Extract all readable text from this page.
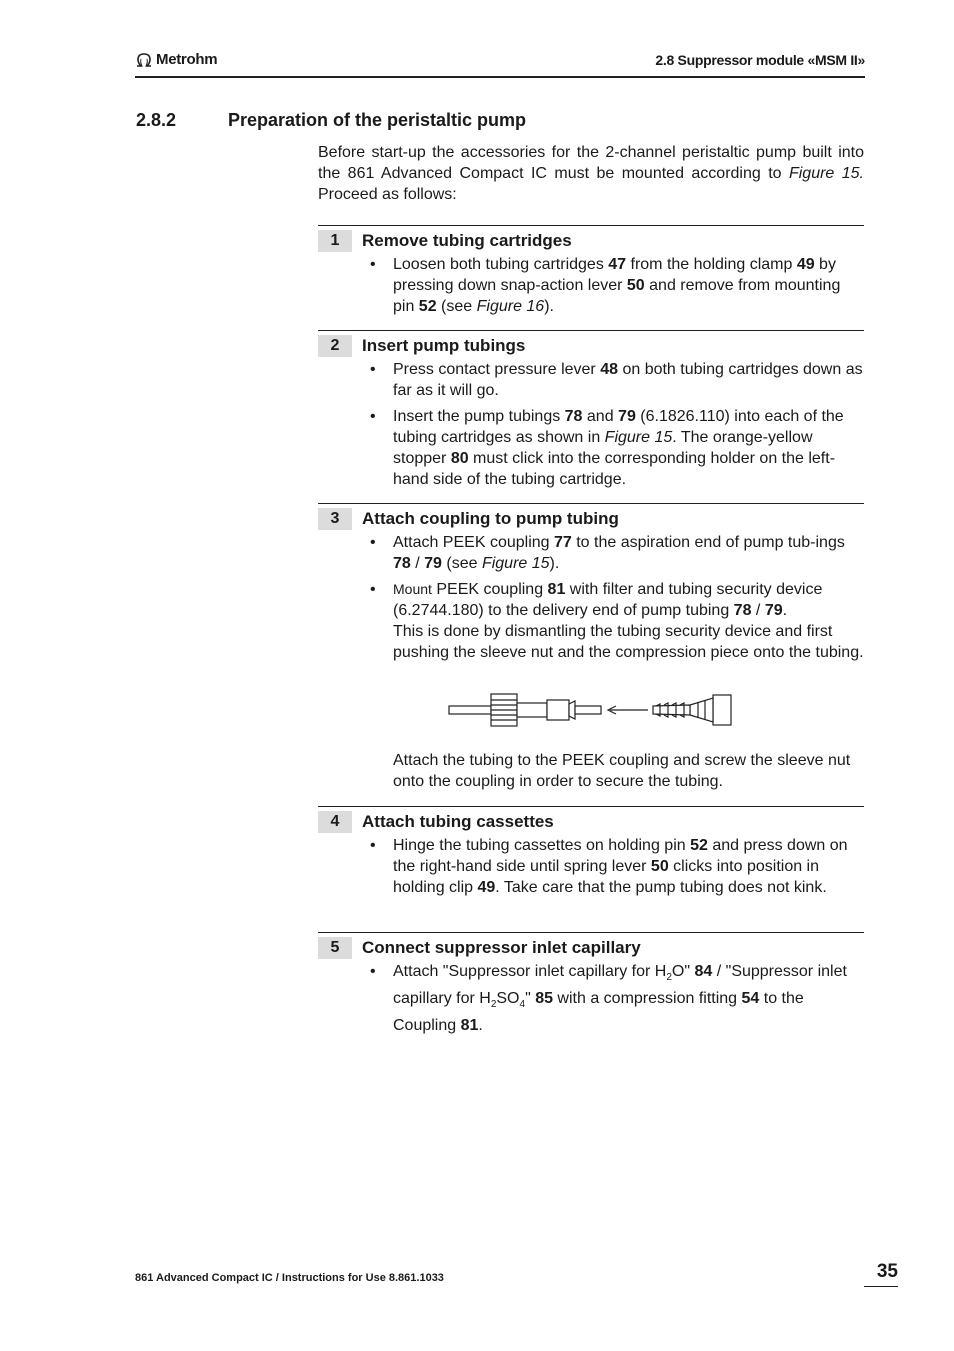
Metrohm	2.8 Suppressor module «MSM II»
2.8.2	Preparation of the peristaltic pump
Before start-up the accessories for the 2-channel peristaltic pump built into the 861 Advanced Compact IC must be mounted according to Figure 15. Proceed as follows:
1	Remove tubing cartridges
• Loosen both tubing cartridges 47 from the holding clamp 49 by pressing down snap-action lever 50 and remove from mounting pin 52 (see Figure 16).
2	Insert pump tubings
• Press contact pressure lever 48 on both tubing cartridges down as far as it will go.
• Insert the pump tubings 78 and 79 (6.1826.110) into each of the tubing cartridges as shown in Figure 15. The orange-yellow stopper 80 must click into the corresponding holder on the left-hand side of the tubing cartridge.
3	Attach coupling to pump tubing
• Attach PEEK coupling 77 to the aspiration end of pump tub-ings 78 / 79 (see Figure 15).
• Mount PEEK coupling 81 with filter and tubing security device (6.2744.180) to the delivery end of pump tubing 78 / 79.
This is done by dismantling the tubing security device and first pushing the sleeve nut and the compression piece onto the tubing.
Attach the tubing to the PEEK coupling and screw the sleeve nut onto the coupling in order to secure the tubing.
4	Attach tubing cassettes
• Hinge the tubing cassettes on holding pin 52 and press down on the right-hand side until spring lever 50 clicks into position in holding clip 49. Take care that the pump tubing does not kink.
5	Connect suppressor inlet capillary
• Attach "Suppressor inlet capillary for $H_2O$" 84 / "Suppressor inlet capillary for $H_2SO_4$" 85 with a compression fitting 54 to the Coupling 81.
861 Advanced Compact IC / Instructions for Use 8.861.1033	35
